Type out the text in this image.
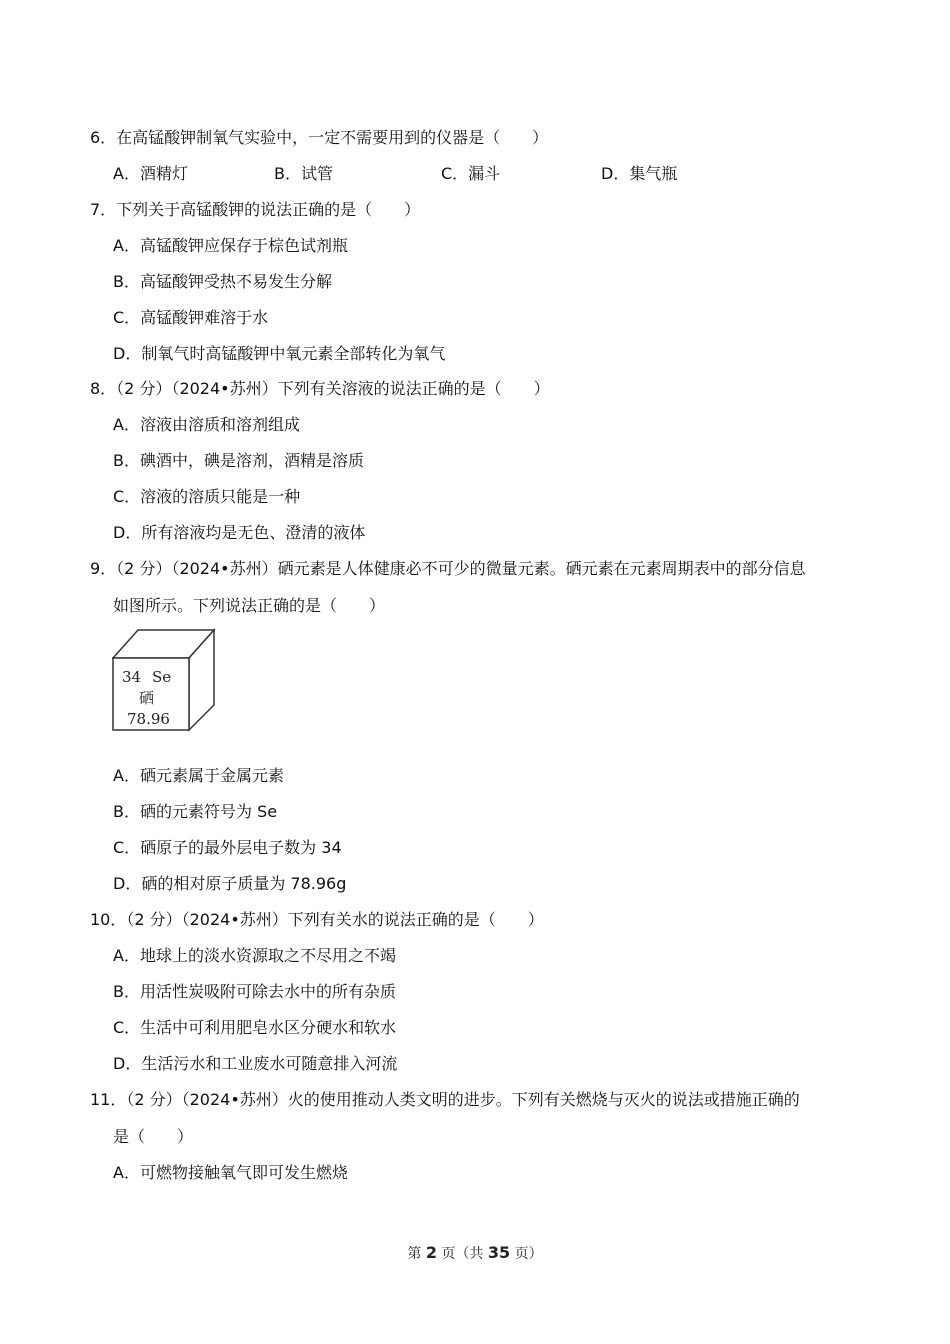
6．在高锰酸钾制氧气实验中，一定不需要用到的仪器是（　　）
A．酒精灯	B．试管	C．漏斗	D．集气瓶
7．下列关于高锰酸钾的说法正确的是（　　）
A．高锰酸钾应保存于棕色试剂瓶
B．高锰酸钾受热不易发生分解
C．高锰酸钾难溶于水
D．制氧气时高锰酸钾中氧元素全部转化为氧气
8．（2 分）（2024•苏州）下列有关溶液的说法正确的是（　　）
A．溶液由溶质和溶剂组成
B．碘酒中，碘是溶剂，酒精是溶质
C．溶液的溶质只能是一种
D．所有溶液均是无色、澄清的液体
9．（2 分）（2024•苏州）硒元素是人体健康必不可少的微量元素。硒元素在元素周期表中的部分信息
如图所示。下列说法正确的是（　　）
34 Se
硒
78.96
A．硒元素属于金属元素
B．硒的元素符号为 Se
C．硒原子的最外层电子数为 34
D．硒的相对原子质量为 78.96g
10．（2 分）（2024•苏州）下列有关水的说法正确的是（　　）
A．地球上的淡水资源取之不尽用之不竭
B．用活性炭吸附可除去水中的所有杂质
C．生活中可利用肥皂水区分硬水和软水
D．生活污水和工业废水可随意排入河流
11．（2 分）（2024•苏州）火的使用推动人类文明的进步。下列有关燃烧与灭火的说法或措施正确的
是（　　）
A．可燃物接触氧气即可发生燃烧
第 2 页（共 35 页）
